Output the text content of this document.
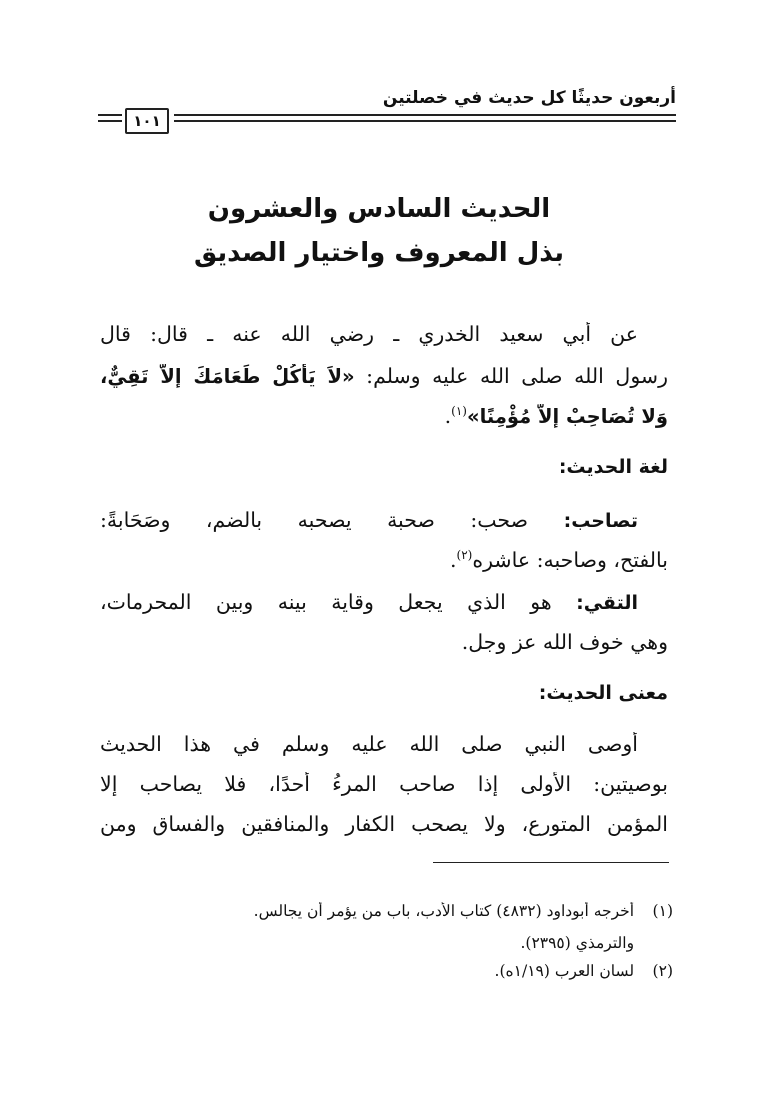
أربعون حديثًا كل حديث في خصلتين
١٠١
الحديث السادس والعشرون
بذل المعروف واختيار الصديق
عن أبي سعيد الخدري ـ رضي الله عنه ـ قال: قال
رسول الله صلى الله عليه وسلم: «لاَ يَأْكُلْ طَعَامَكَ إِلاَّ تَقِيٌّ،
وَلا تُصَاحِبْ إِلاَّ مُؤْمِنًا»$^{(١)}$.
لغة الحديث:
تصاحب: صحب: صحبة يصحبه بالضم، وصَحَابةً:
بالفتح، وصاحبه: عاشره$^{(٢)}$.
التقي: هو الذي يجعل وقاية بينه وبين المحرمات،
وهي خوف الله عز وجل.
معنى الحديث:
أوصى النبي صلى الله عليه وسلم في هذا الحديث
بوصيتين: الأولى إذا صاحب المرءُ أحدًا، فلا يصاحب إلا
المؤمن المتورع، ولا يصحب الكفار والمنافقين والفساق ومن
(١) أخرجه أبوداود (٤٨٣٢) كتاب الأدب، باب من يؤمر أن يجالس.
والترمذي (٢٣٩٥).
(٢) لسان العرب (١/١٩ه).
